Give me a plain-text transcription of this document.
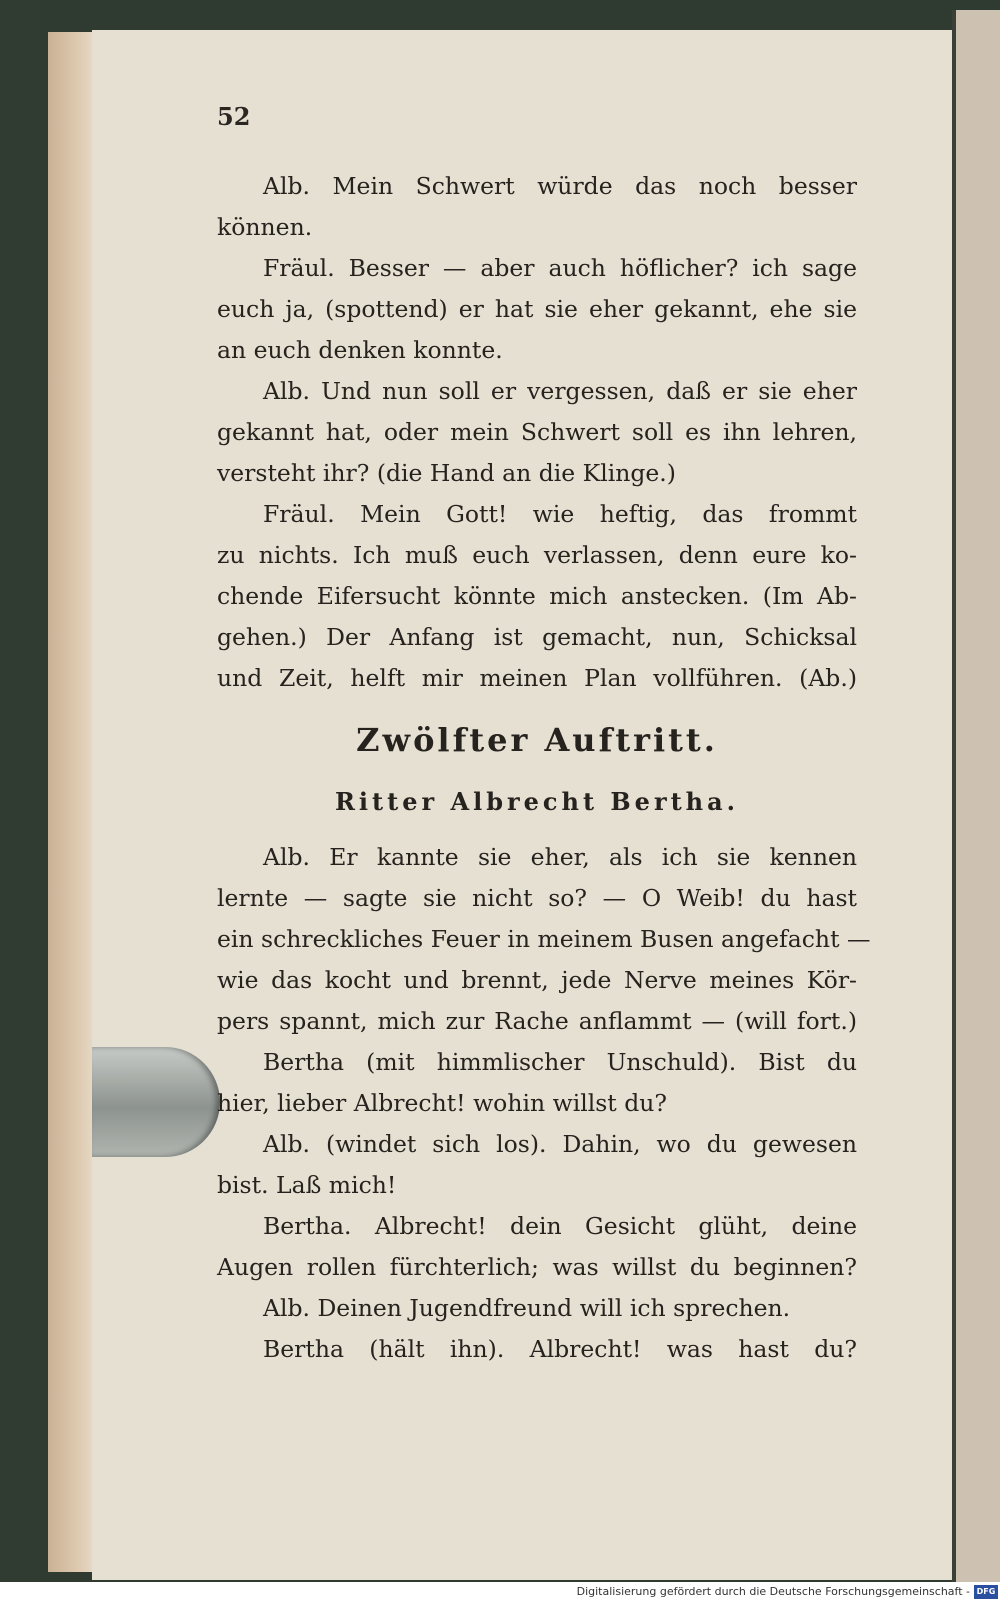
52
Alb. Mein Schwert würde das noch besser
können.
Fräul. Besser — aber auch höflicher? ich sage
euch ja, (spottend) er hat sie eher gekannt, ehe sie
an euch denken konnte.
Alb. Und nun soll er vergessen, daß er sie eher
gekannt hat, oder mein Schwert soll es ihn lehren,
versteht ihr? (die Hand an die Klinge.)
Fräul. Mein Gott! wie heftig, das frommt
zu nichts. Ich muß euch verlassen, denn eure ko-
chende Eifersucht könnte mich anstecken. (Im Ab-
gehen.) Der Anfang ist gemacht, nun, Schicksal
und Zeit, helft mir meinen Plan vollführen. (Ab.)
Zwölfter Auftritt.
Ritter Albrecht Bertha.
Alb. Er kannte sie eher, als ich sie kennen
lernte — sagte sie nicht so? — O Weib! du hast
ein schreckliches Feuer in meinem Busen angefacht —
wie das kocht und brennt, jede Nerve meines Kör-
pers spannt, mich zur Rache anflammt — (will fort.)
Bertha (mit himmlischer Unschuld). Bist du
hier, lieber Albrecht! wohin willst du?
Alb. (windet sich los). Dahin, wo du gewesen
bist. Laß mich!
Bertha. Albrecht! dein Gesicht glüht, deine
Augen rollen fürchterlich; was willst du beginnen?
Alb. Deinen Jugendfreund will ich sprechen.
Bertha (hält ihn). Albrecht! was hast du?
Digitalisierung gefördert durch die Deutsche Forschungsgemeinschaft - DFG
